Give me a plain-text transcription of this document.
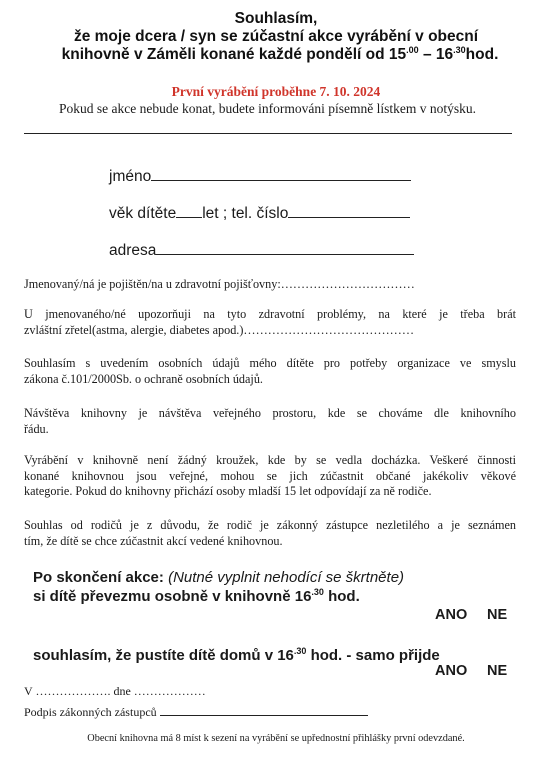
Souhlasím,
že moje dcera / syn se zúčastní akce vyrábění v obecní
knihovně v Záměli konané každé pondělí od $15^{.00} - 16^{.30}hod$.
První vyrábění proběhne 7. 10. 2024
Pokud se akce nebude konat, budete informováni písemně lístkem v notýsku.
jméno
věk dítěte let ; tel. číslo
adresa
Jmenovaný/ná je pojištěn/na u zdravotní pojišťovny:……………………………
U jmenovaného/né upozorňuji na tyto zdravotní problémy, na které je třeba brát
zvláštní zřetel(astma, alergie, diabetes apod.)……………………………………
Souhlasím s uvedením osobních údajů mého dítěte pro potřeby organizace ve smyslu
zákona č.101/2000Sb. o ochraně osobních údajů.
Návštěva knihovny je návštěva veřejného prostoru, kde se chováme dle knihovního
řádu.
Vyrábění v knihovně není žádný kroužek, kde by se vedla docházka. Veškeré činnosti
konané knihovnou jsou veřejné, mohou se jich zúčastnit občané jakékoliv věkové
kategorie. Pokud do knihovny přichází osoby mladší 15 let odpovídají za ně rodiče.
Souhlas od rodičů je z důvodu, že rodič je zákonný zástupce nezletilého a je seznámen
tím, že dítě se chce zúčastnit akcí vedené knihovnou.
Po skončení akce: (Nutné vyplnit nehodící se škrtněte)
si dítě převezmu osobně v knihovně $16^{.30}$ hod.
ANO NE
souhlasím, že pustíte dítě domů v $16^{.30}$ hod. - samo přijde
ANO NE
V ………………. dne ………………
Podpis zákonných zástupců
Obecní knihovna má 8 míst k sezení na vyrábění se upřednostní přihlášky první odevzdané.
